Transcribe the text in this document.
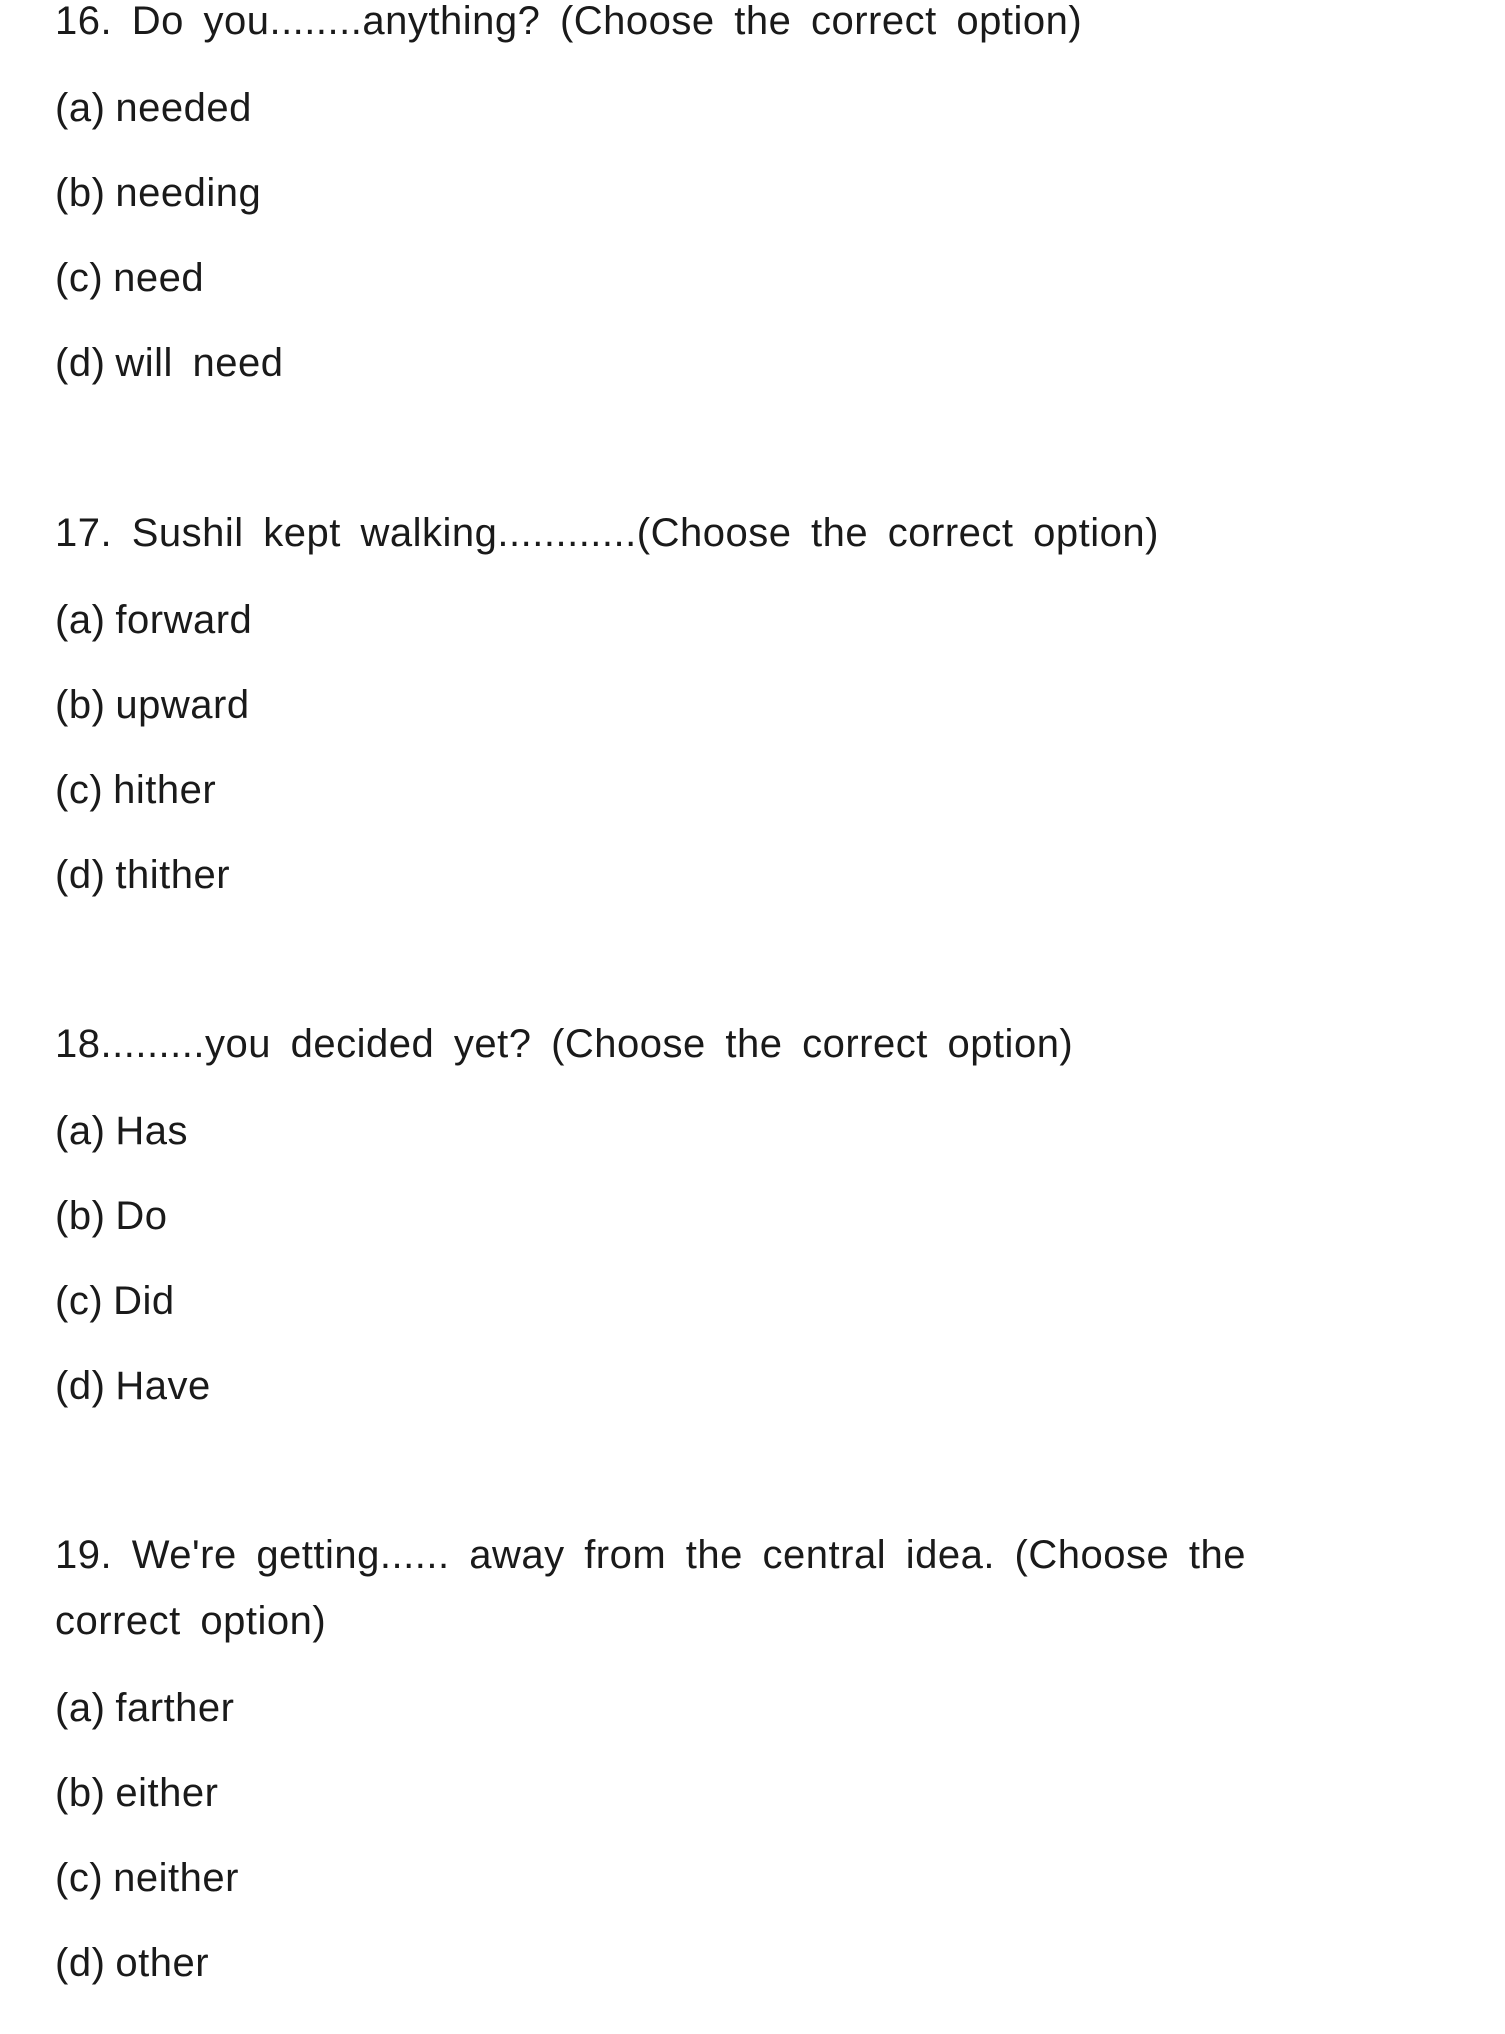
16. Do you........anything? (Choose the correct option)

(a) needed
(b) needing
(c) need
(d) will need

17. Sushil kept walking............(Choose the correct option)

(a) forward
(b) upward
(c) hither
(d) thither

18.........you decided yet? (Choose the correct option)

(a) Has
(b) Do
(c) Did
(d) Have

19. We're getting...... away from the central idea. (Choose the correct option)

(a) farther
(b) either
(c) neither
(d) other
